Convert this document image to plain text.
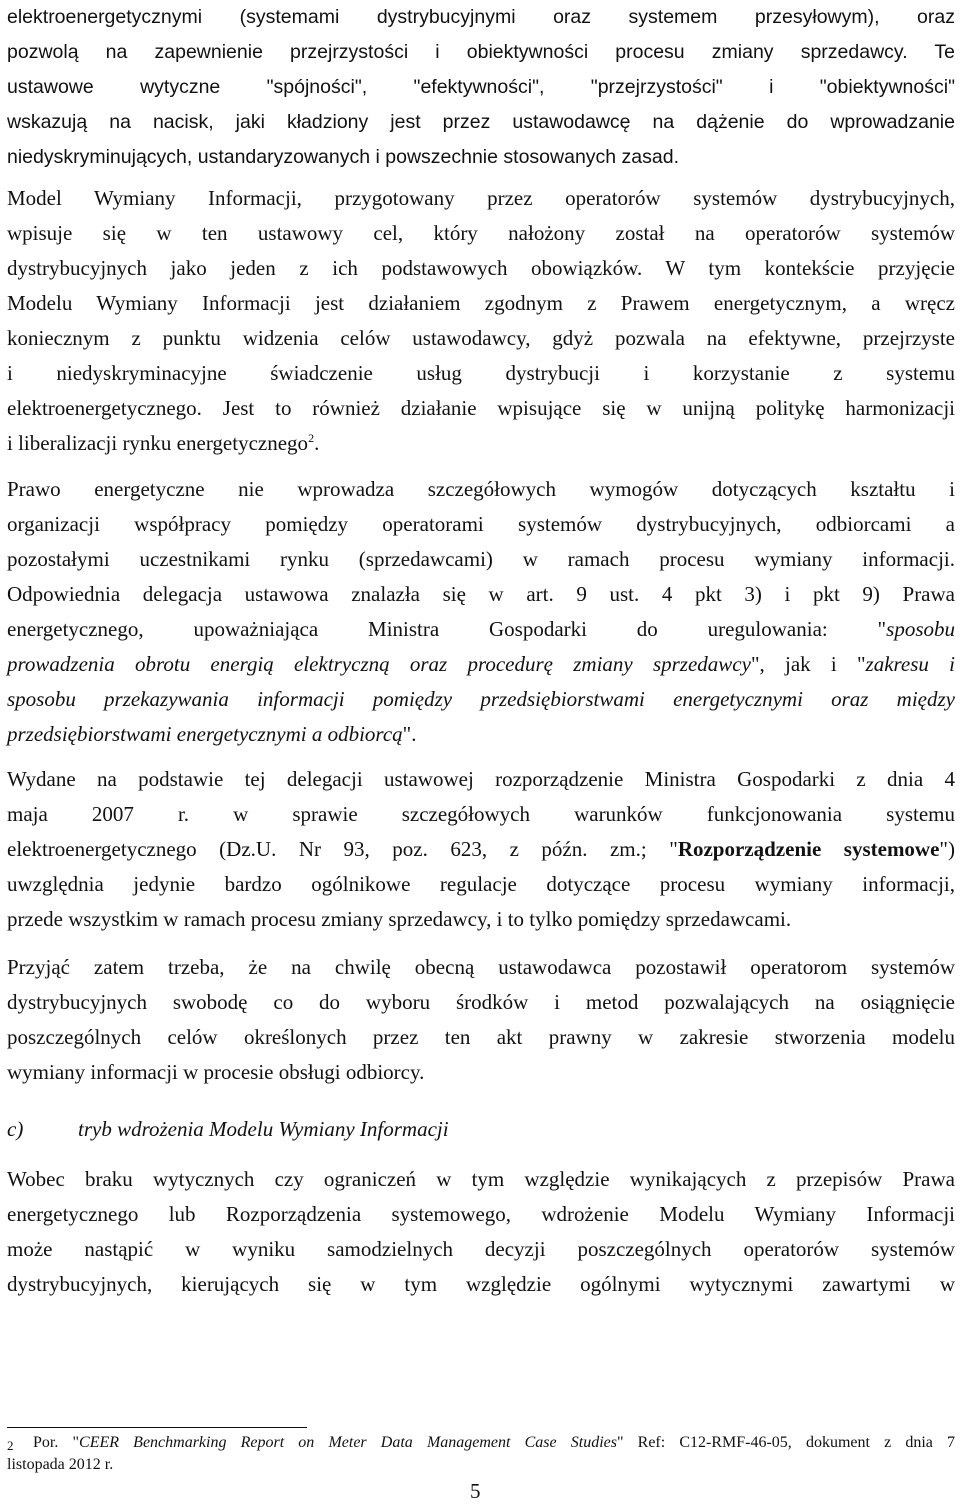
elektroenergetycznymi (systemami dystrybucyjnymi oraz systemem przesyłowym), oraz
pozwolą na zapewnienie przejrzystości i obiektywności procesu zmiany sprzedawcy. Te
ustawowe wytyczne "spójności", "efektywności", "przejrzystości" i "obiektywności"
wskazują na nacisk, jaki kładziony jest przez ustawodawcę na dążenie do wprowadzanie
niedyskryminujących, ustandaryzowanych i powszechnie stosowanych zasad.
Model Wymiany Informacji, przygotowany przez operatorów systemów dystrybucyjnych,
wpisuje się w ten ustawowy cel, który nałożony został na operatorów systemów
dystrybucyjnych jako jeden z ich podstawowych obowiązków. W tym kontekście przyjęcie
Modelu Wymiany Informacji jest działaniem zgodnym z Prawem energetycznym, a wręcz
koniecznym z punktu widzenia celów ustawodawcy, gdyż pozwala na efektywne, przejrzyste
i niedyskryminacyjne świadczenie usług dystrybucji i korzystanie z systemu
elektroenergetycznego. Jest to również działanie wpisujące się w unijną politykę harmonizacji
i liberalizacji rynku energetycznego$^2$.
Prawo energetyczne nie wprowadza szczegółowych wymogów dotyczących kształtu i
organizacji współpracy pomiędzy operatorami systemów dystrybucyjnych, odbiorcami a
pozostałymi uczestnikami rynku (sprzedawcami) w ramach procesu wymiany informacji.
Odpowiednia delegacja ustawowa znalazła się w art. 9 ust. 4 pkt 3) i pkt 9) Prawa
energetycznego, upoważniająca Ministra Gospodarki do uregulowania: "sposobu
prowadzenia obrotu energią elektryczną oraz procedurę zmiany sprzedawcy", jak i "zakresu i
sposobu przekazywania informacji pomiędzy przedsiębiorstwami energetycznymi oraz między
przedsiębiorstwami energetycznymi a odbiorcą".
Wydane na podstawie tej delegacji ustawowej rozporządzenie Ministra Gospodarki z dnia 4
maja 2007 r. w sprawie szczegółowych warunków funkcjonowania systemu
elektroenergetycznego (Dz.U. Nr 93, poz. 623, z późn. zm.; "Rozporządzenie systemowe")
uwzględnia jedynie bardzo ogólnikowe regulacje dotyczące procesu wymiany informacji,
przede wszystkim w ramach procesu zmiany sprzedawcy, i to tylko pomiędzy sprzedawcami.
Przyjąć zatem trzeba, że na chwilę obecną ustawodawca pozostawił operatorom systemów
dystrybucyjnych swobodę co do wyboru środków i metod pozwalających na osiągnięcie
poszczególnych celów określonych przez ten akt prawny w zakresie stworzenia modelu
wymiany informacji w procesie obsługi odbiorcy.
c)	tryb wdrożenia Modelu Wymiany Informacji
Wobec braku wytycznych czy ograniczeń w tym względzie wynikających z przepisów Prawa
energetycznego lub Rozporządzenia systemowego, wdrożenie Modelu Wymiany Informacji
może nastąpić w wyniku samodzielnych decyzji poszczególnych operatorów systemów
dystrybucyjnych, kierujących się w tym względzie ogólnymi wytycznymi zawartymi w
2 Por. "CEER Benchmarking Report on Meter Data Management Case Studies" Ref: C12-RMF-46-05, dokument z dnia 7
listopada 2012 r.
5
